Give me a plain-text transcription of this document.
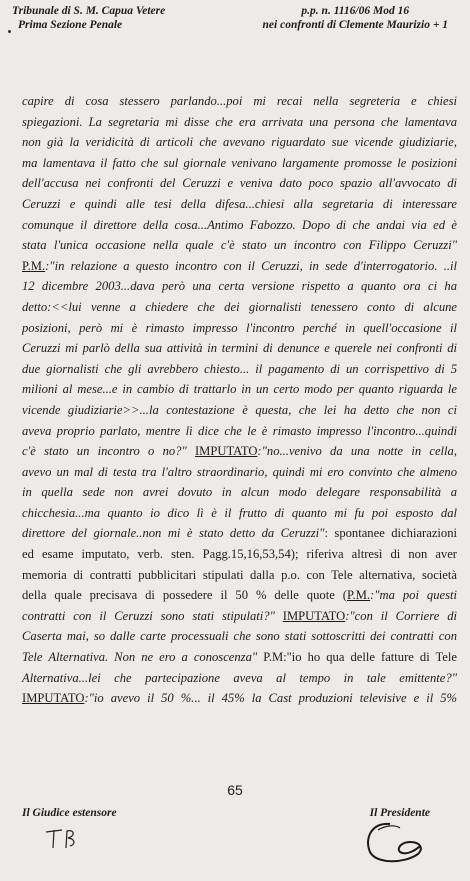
Tribunale di S. M. Capua Vetere
Prima Sezione Penale
p.p. n. 1116/06 Mod 16
nei confronti di Clemente Maurizio + 1
capire di cosa stessero parlando...poi mi recai nella segreteria e chiesi
spiegazioni. La segretaria mi disse che era arrivata una persona che lamentava
non già la veridicità di articoli che avevano riguardato sue vicende giudiziarie,
ma lamentava il fatto che sul giornale venivano largamente promosse le posizioni
dell'accusa nei confronti del Ceruzzi e veniva dato poco spazio all'avvocato di
Ceruzzi e quindi alle tesi della difesa...chiesi alla segretaria di interessare
comunque il direttore della cosa...Antimo Fabozzo. Dopo di che andai via ed è
stata l'unica occasione nella quale c'è stato un incontro con Filippo Ceruzzi"
P.M.:"in relazione a questo incontro con il Ceruzzi, in sede d'interrogatorio. ..il
12 dicembre 2003...dava però una certa versione rispetto a quanto ora ci ha
detto:<<lui venne a chiedere che dei giornalisti tenessero conto di alcune
posizioni, però mi è rimasto impresso l'incontro perché in quell'occasione il
Ceruzzi mi parlò della sua attività in termini di denunce e querele nei confronti di
due giornalisti che gli avrebbero chiesto... il pagamento di un corrispettivo di 5
milioni al mese...e in cambio di trattarlo in un certo modo per quanto riguarda le
vicende giudiziarie>>...la contestazione è questa, che lei ha detto che non ci
aveva proprio parlato, mentre lì dice che le è rimasto impresso l'incontro...quindi
c'è stato un incontro o no?" IMPUTATO:"no...venivo da una notte in cella,
avevo un mal di testa tra l'altro straordinario, quindi mi ero convinto che almeno
in quella sede non avrei dovuto in alcun modo delegare responsabilità a
chicchesia...ma quanto io dico lì è il frutto di quanto mi fu poi esposto dal
direttore del giornale..non mi è stato detto da Ceruzzi": spontanee dichiarazioni
ed esame imputato, verb. sten. Pagg.15,16,53,54); riferiva altresì di non aver
memoria di contratti pubblicitari stipulati dalla p.o. con Tele alternativa, società
della quale precisava di possedere il 50 % delle quote (P.M.:"ma poi questi
contratti con il Ceruzzi sono stati stipulati?" IMPUTATO:"con il Corriere di
Caserta mai, so dalle carte processuali che sono stati sottoscritti dei contratti con
Tele Alternativa. Non ne ero a conoscenza" P.M:"io ho qua delle fatture di Tele
Alternativa...lei che partecipazione aveva al tempo in tale emittente?"
IMPUTATO:"io avevo il 50 %... il 45% la Cast produzioni televisive e il 5%
65
Il Giudice estensore	Il Presidente
